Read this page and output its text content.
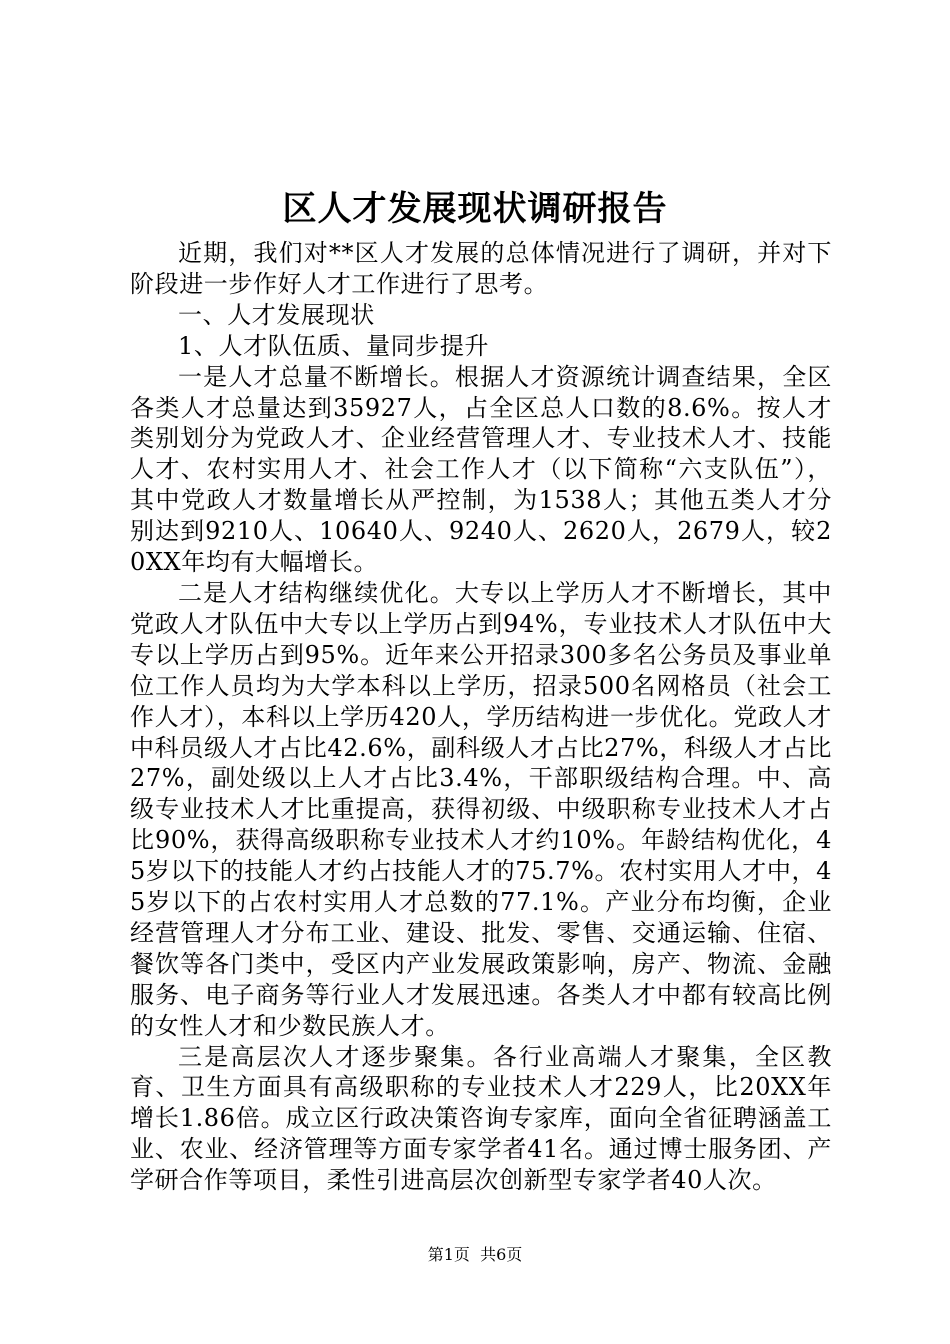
区人才发展现状调研报告

近期，我们对**区人才发展的总体情况进行了调研，并对下阶段进一步作好人才工作进行了思考。

一、人才发展现状

1、人才队伍质、量同步提升

一是人才总量不断增长。根据人才资源统计调查结果，全区各类人才总量达到35927人，占全区总人口数的8.6%。按人才类别划分为党政人才、企业经营管理人才、专业技术人才、技能人才、农村实用人才、社会工作人才（以下简称“六支队伍”），其中党政人才数量增长从严控制，为1538人；其他五类人才分别达到9210人、10640人、9240人、2620人，2679人，较20XX年均有大幅增长。

二是人才结构继续优化。大专以上学历人才不断增长，其中党政人才队伍中大专以上学历占到94%，专业技术人才队伍中大专以上学历占到95%。近年来公开招录300多名公务员及事业单位工作人员均为大学本科以上学历，招录500名网格员（社会工作人才），本科以上学历420人，学历结构进一步优化。党政人才中科员级人才占比42.6%，副科级人才占比27%，科级人才占比27%，副处级以上人才占比3.4%，干部职级结构合理。中、高级专业技术人才比重提高，获得初级、中级职称专业技术人才占比90%，获得高级职称专业技术人才约10%。年龄结构优化，45岁以下的技能人才约占技能人才的75.7%。农村实用人才中，45岁以下的占农村实用人才总数的77.1%。产业分布均衡，企业经营管理人才分布工业、建设、批发、零售、交通运输、住宿、餐饮等各门类中，受区内产业发展政策影响，房产、物流、金融服务、电子商务等行业人才发展迅速。各类人才中都有较高比例的女性人才和少数民族人才。

三是高层次人才逐步聚集。各行业高端人才聚集，全区教育、卫生方面具有高级职称的专业技术人才229人，比20XX年增长1.86倍。成立区行政决策咨询专家库，面向全省征聘涵盖工业、农业、经济管理等方面专家学者41名。通过博士服务团、产学研合作等项目，柔性引进高层次创新型专家学者40人次。

第1页 共6页
